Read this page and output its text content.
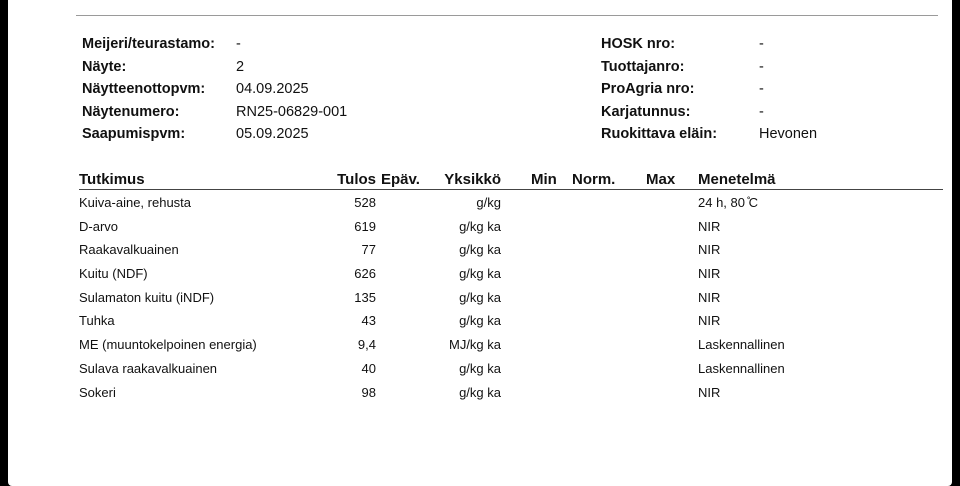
Meijeri/teurastamo: -
Näyte:	2
Näytteenottopvm: 04.09.2025
Näytenumero:	RN25-06829-001
Saapumispvm:	05.09.2025
HOSK nro:	-
Tuottajanro:	-
ProAgria nro:	-
Karjatunnus:	-
Ruokittava eläin:	Hevonen
Tutkimus	Tulos Epäv. Yksikkö Min Norm. Max Menetelmä
Kuiva-aine, rehusta	528	g/kg	24 h, 80 ̊C
D-arvo	619	g/kg ka	NIR
Raakavalkuainen	77	g/kg ka	NIR
Kuitu (NDF)	626	g/kg ka	NIR
Sulamaton kuitu (iNDF)	135	g/kg ka	NIR
Tuhka	43	g/kg ka	NIR
ME (muuntokelpoinen energia)	9,4	MJ/kg ka	Laskennallinen
Sulava raakavalkuainen	40	g/kg ka	Laskennallinen
Sokeri	98	g/kg ka	NIR
